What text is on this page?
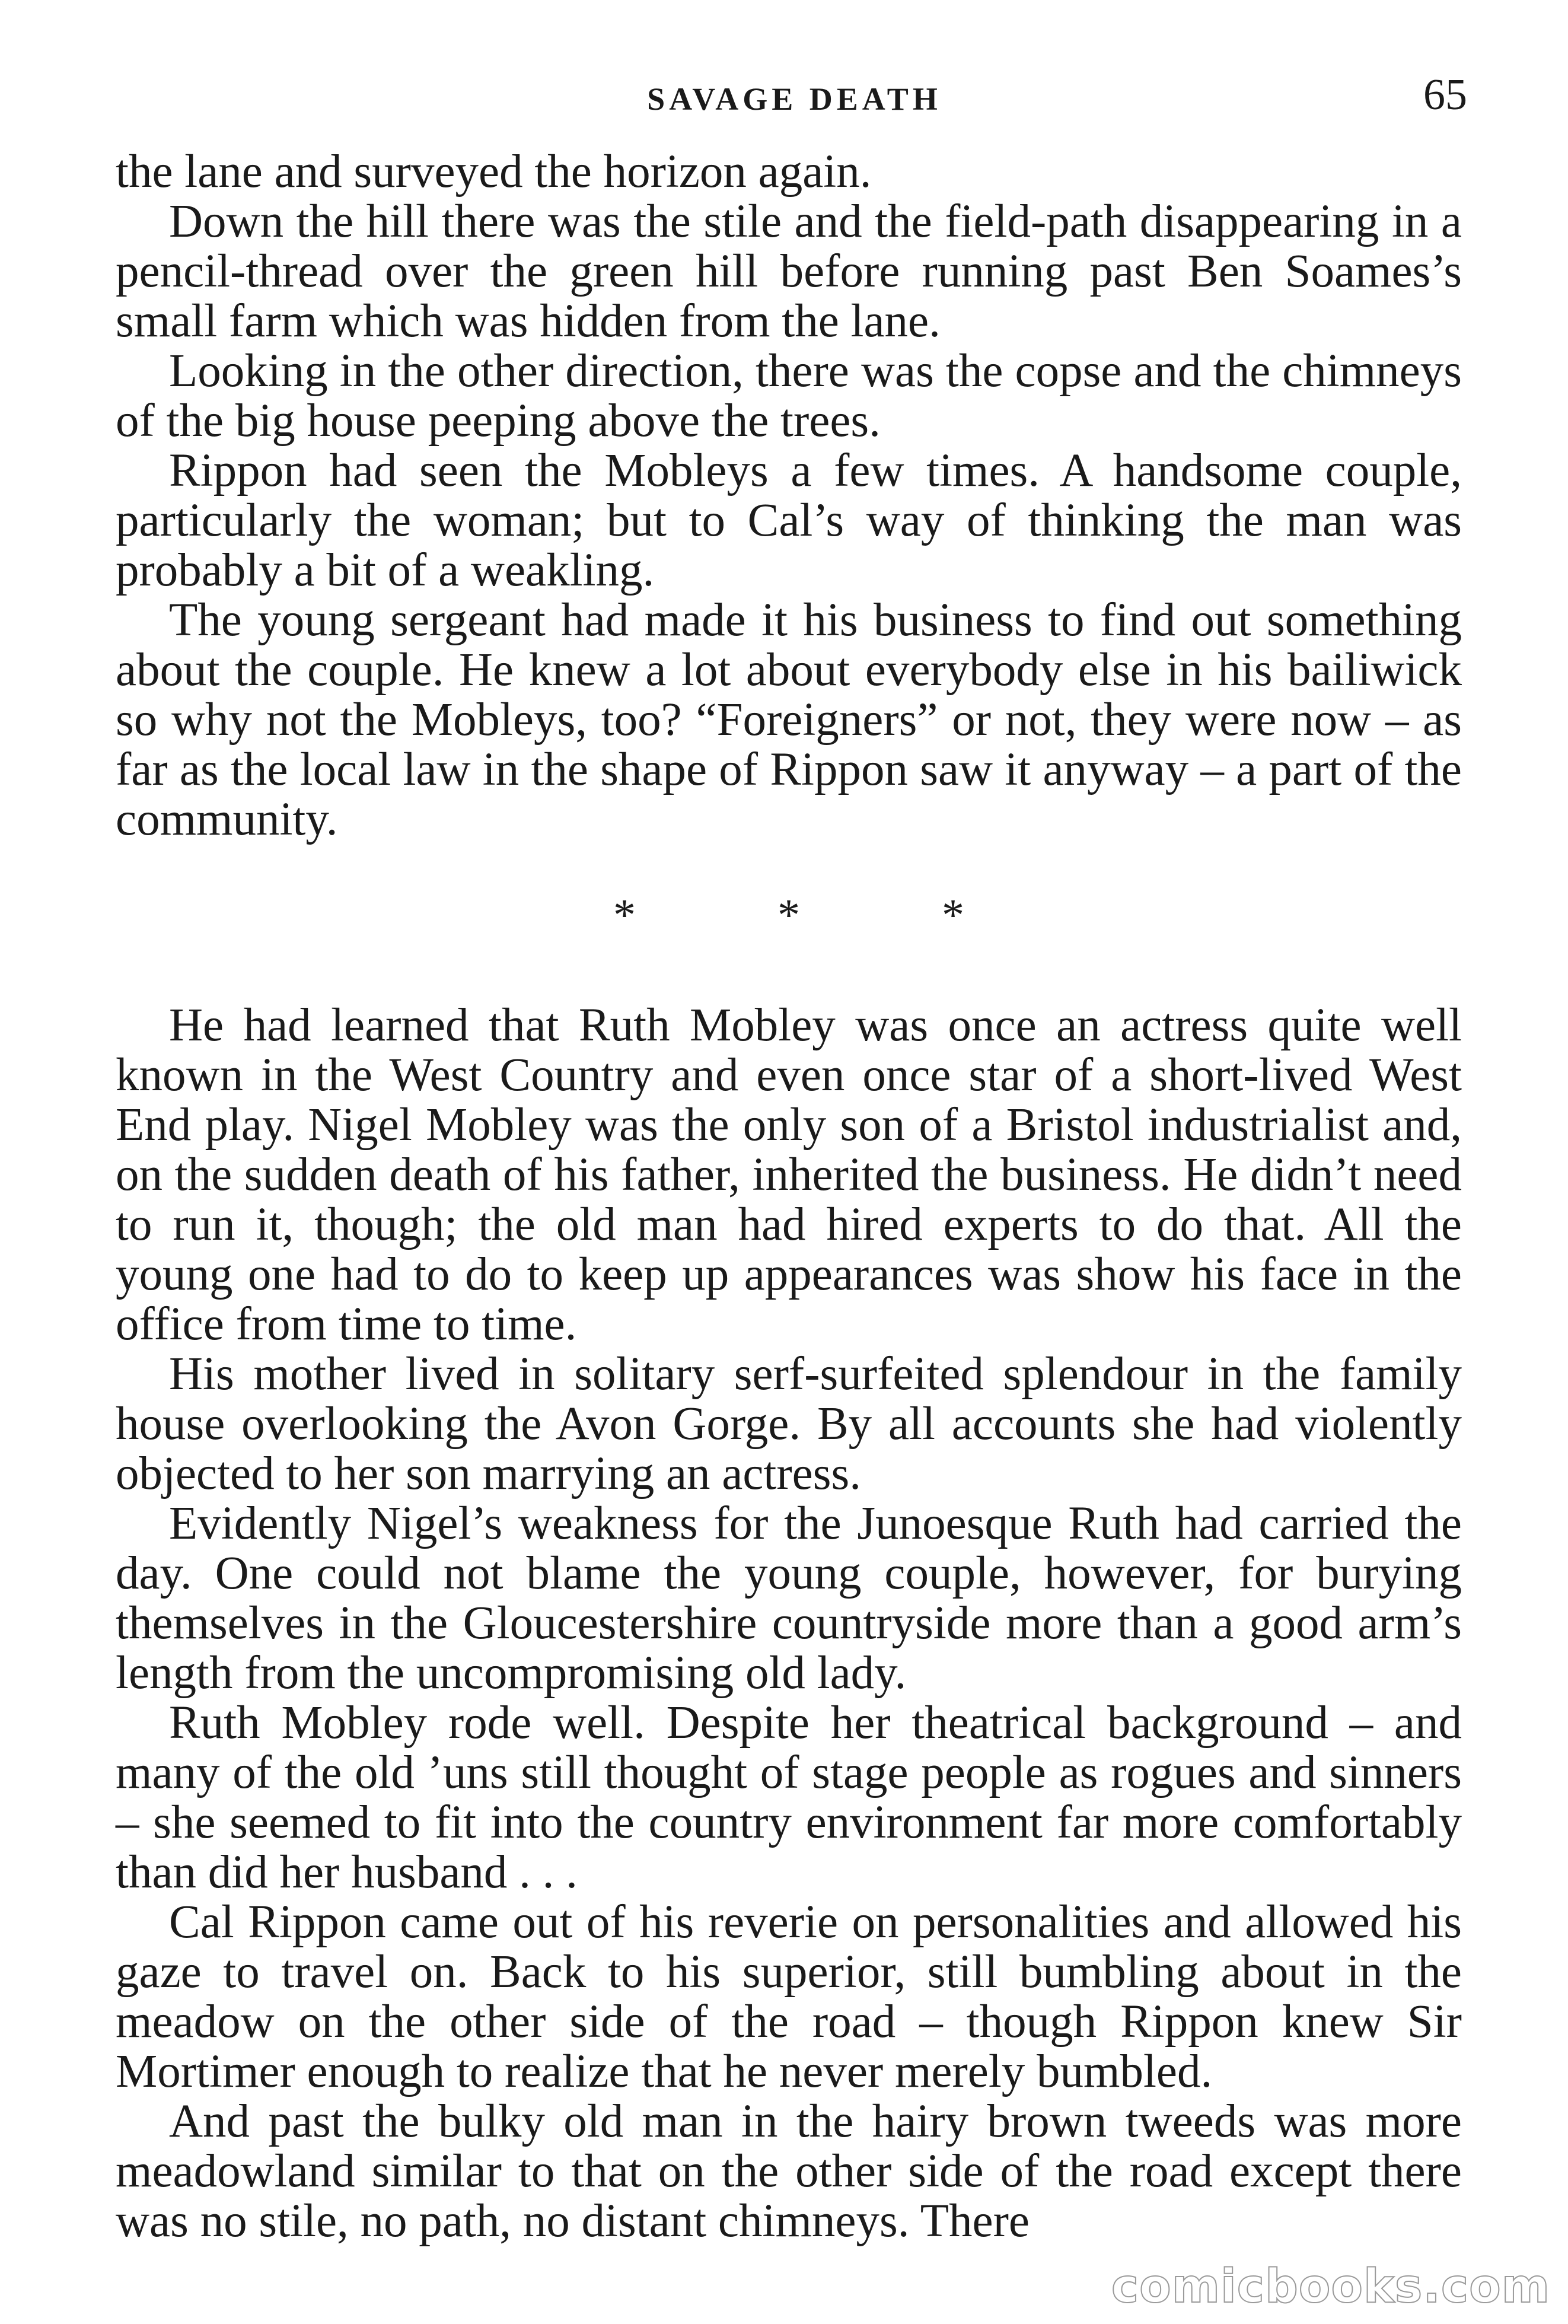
SAVAGE DEATH	65

the lane and surveyed the horizon again.

Down the hill there was the stile and the field-path disappearing in a pencil-thread over the green hill before running past Ben Soames’s small farm which was hidden from the lane.

Looking in the other direction, there was the copse and the chimneys of the big house peeping above the trees.

Rippon had seen the Mobleys a few times. A handsome couple, particularly the woman; but to Cal’s way of thinking the man was probably a bit of a weakling.

The young sergeant had made it his business to find out something about the couple. He knew a lot about everybody else in his bailiwick so why not the Mobleys, too? “Foreigners” or not, they were now – as far as the local law in the shape of Rippon saw it anyway – a part of the community.

*	*	*

He had learned that Ruth Mobley was once an actress quite well known in the West Country and even once star of a short-lived West End play. Nigel Mobley was the only son of a Bristol industrialist and, on the sudden death of his father, inherited the business. He didn’t need to run it, though; the old man had hired experts to do that. All the young one had to do to keep up appearances was show his face in the office from time to time.

His mother lived in solitary serf-surfeited splendour in the family house overlooking the Avon Gorge. By all accounts she had violently objected to her son marrying an actress.

Evidently Nigel’s weakness for the Junoesque Ruth had carried the day. One could not blame the young couple, however, for burying themselves in the Gloucestershire countryside more than a good arm’s length from the uncompromising old lady.

Ruth Mobley rode well. Despite her theatrical background – and many of the old ’uns still thought of stage people as rogues and sinners – she seemed to fit into the country environment far more comfortably than did her husband . . .

Cal Rippon came out of his reverie on personalities and allowed his gaze to travel on. Back to his superior, still bumbling about in the meadow on the other side of the road – though Rippon knew Sir Mortimer enough to realize that he never merely bumbled.

And past the bulky old man in the hairy brown tweeds was more meadowland similar to that on the other side of the road except there was no stile, no path, no distant chimneys. There

comicbooks.com
